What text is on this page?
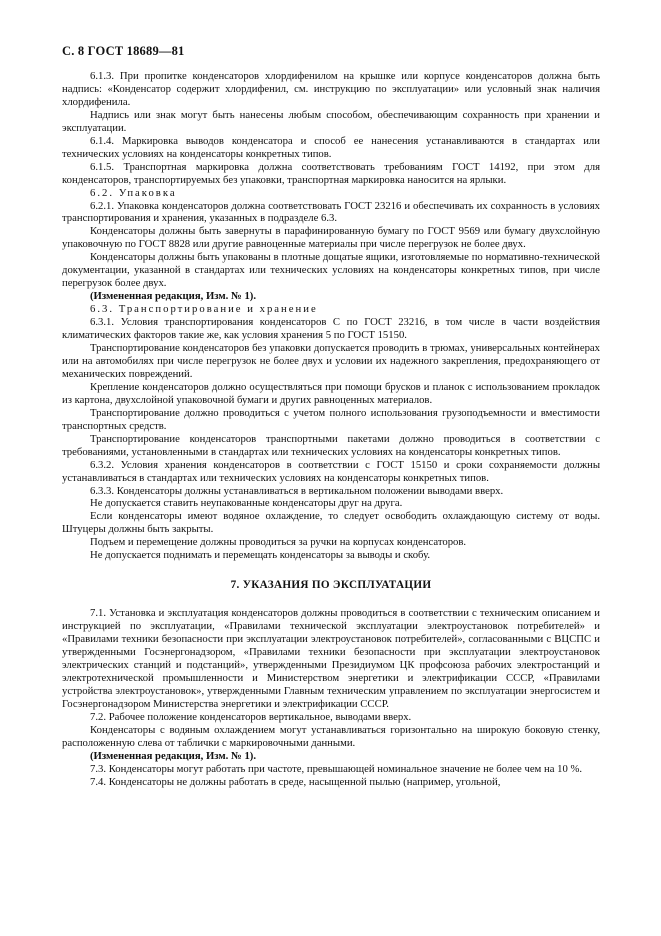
С. 8 ГОСТ 18689—81

6.1.3. При пропитке конденсаторов хлордифенилом на крышке или корпусе конденсаторов должна быть надпись: «Конденсатор содержит хлордифенил, см. инструкцию по эксплуатации» или условный знак наличия хлордифенила.

Надпись или знак могут быть нанесены любым способом, обеспечивающим сохранность при хранении и эксплуатации.

6.1.4. Маркировка выводов конденсатора и способ ее нанесения устанавливаются в стандартах или технических условиях на конденсаторы конкретных типов.

6.1.5. Транспортная маркировка должна соответствовать требованиям ГОСТ 14192, при этом для конденсаторов, транспортируемых без упаковки, транспортная маркировка наносится на ярлыки.

6.2. Упаковка

6.2.1. Упаковка конденсаторов должна соответствовать ГОСТ 23216 и обеспечивать их сохранность в условиях транспортирования и хранения, указанных в подразделе 6.3.

Конденсаторы должны быть завернуты в парафинированную бумагу по ГОСТ 9569 или бумагу двухслойную упаковочную по ГОСТ 8828 или другие равноценные материалы при числе перегрузок не более двух.

Конденсаторы должны быть упакованы в плотные дощатые ящики, изготовляемые по нормативно-технической документации, указанной в стандартах или технических условиях на конденсаторы конкретных типов, при числе перегрузок более двух.

(Измененная редакция, Изм. № 1).

6.3. Транспортирование и хранение

6.3.1. Условия транспортирования конденсаторов С по ГОСТ 23216, в том числе в части воздействия климатических факторов такие же, как условия хранения 5 по ГОСТ 15150.

Транспортирование конденсаторов без упаковки допускается проводить в трюмах, универсальных контейнерах или на автомобилях при числе перегрузок не более двух и условии их надежного закрепления, предохраняющего от механических повреждений.

Крепление конденсаторов должно осуществляться при помощи брусков и планок с использованием прокладок из картона, двухслойной упаковочной бумаги и других равноценных материалов.

Транспортирование должно проводиться с учетом полного использования грузоподъемности и вместимости транспортных средств.

Транспортирование конденсаторов транспортными пакетами должно проводиться в соответствии с требованиями, установленными в стандартах или технических условиях на конденсаторы конкретных типов.

6.3.2. Условия хранения конденсаторов в соответствии с ГОСТ 15150 и сроки сохраняемости должны устанавливаться в стандартах или технических условиях на конденсаторы конкретных типов.

6.3.3. Конденсаторы должны устанавливаться в вертикальном положении выводами вверх.

Не допускается ставить неупакованные конденсаторы друг на друга.

Если конденсаторы имеют водяное охлаждение, то следует освободить охлаждающую систему от воды. Штуцеры должны быть закрыты.

Подъем и перемещение должны проводиться за ручки на корпусах конденсаторов.

Не допускается поднимать и перемещать конденсаторы за выводы и скобу.

7. УКАЗАНИЯ ПО ЭКСПЛУАТАЦИИ

7.1. Установка и эксплуатация конденсаторов должны проводиться в соответствии с техническим описанием и инструкцией по эксплуатации, «Правилами технической эксплуатации электроустановок потребителей» и «Правилами техники безопасности при эксплуатации электроустановок потребителей», согласованными с ВЦСПС и утвержденными Госэнергонадзором, «Правилами техники безопасности при эксплуатации электроустановок электрических станций и подстанций», утвержденными Президиумом ЦК профсоюза рабочих электростанций и электротехнической промышленности и Министерством энергетики и электрификации СССР, «Правилами устройства электроустановок», утвержденными Главным техническим управлением по эксплуатации энергосистем и Госэнергонадзором Министерства энергетики и электрификации СССР.

7.2. Рабочее положение конденсаторов вертикальное, выводами вверх.

Конденсаторы с водяным охлаждением могут устанавливаться горизонтально на широкую боковую стенку, расположенную слева от таблички с маркировочными данными.

(Измененная редакция, Изм. № 1).

7.3. Конденсаторы могут работать при частоте, превышающей номинальное значение не более чем на 10 %.

7.4. Конденсаторы не должны работать в среде, насыщенной пылью (например, угольной,
